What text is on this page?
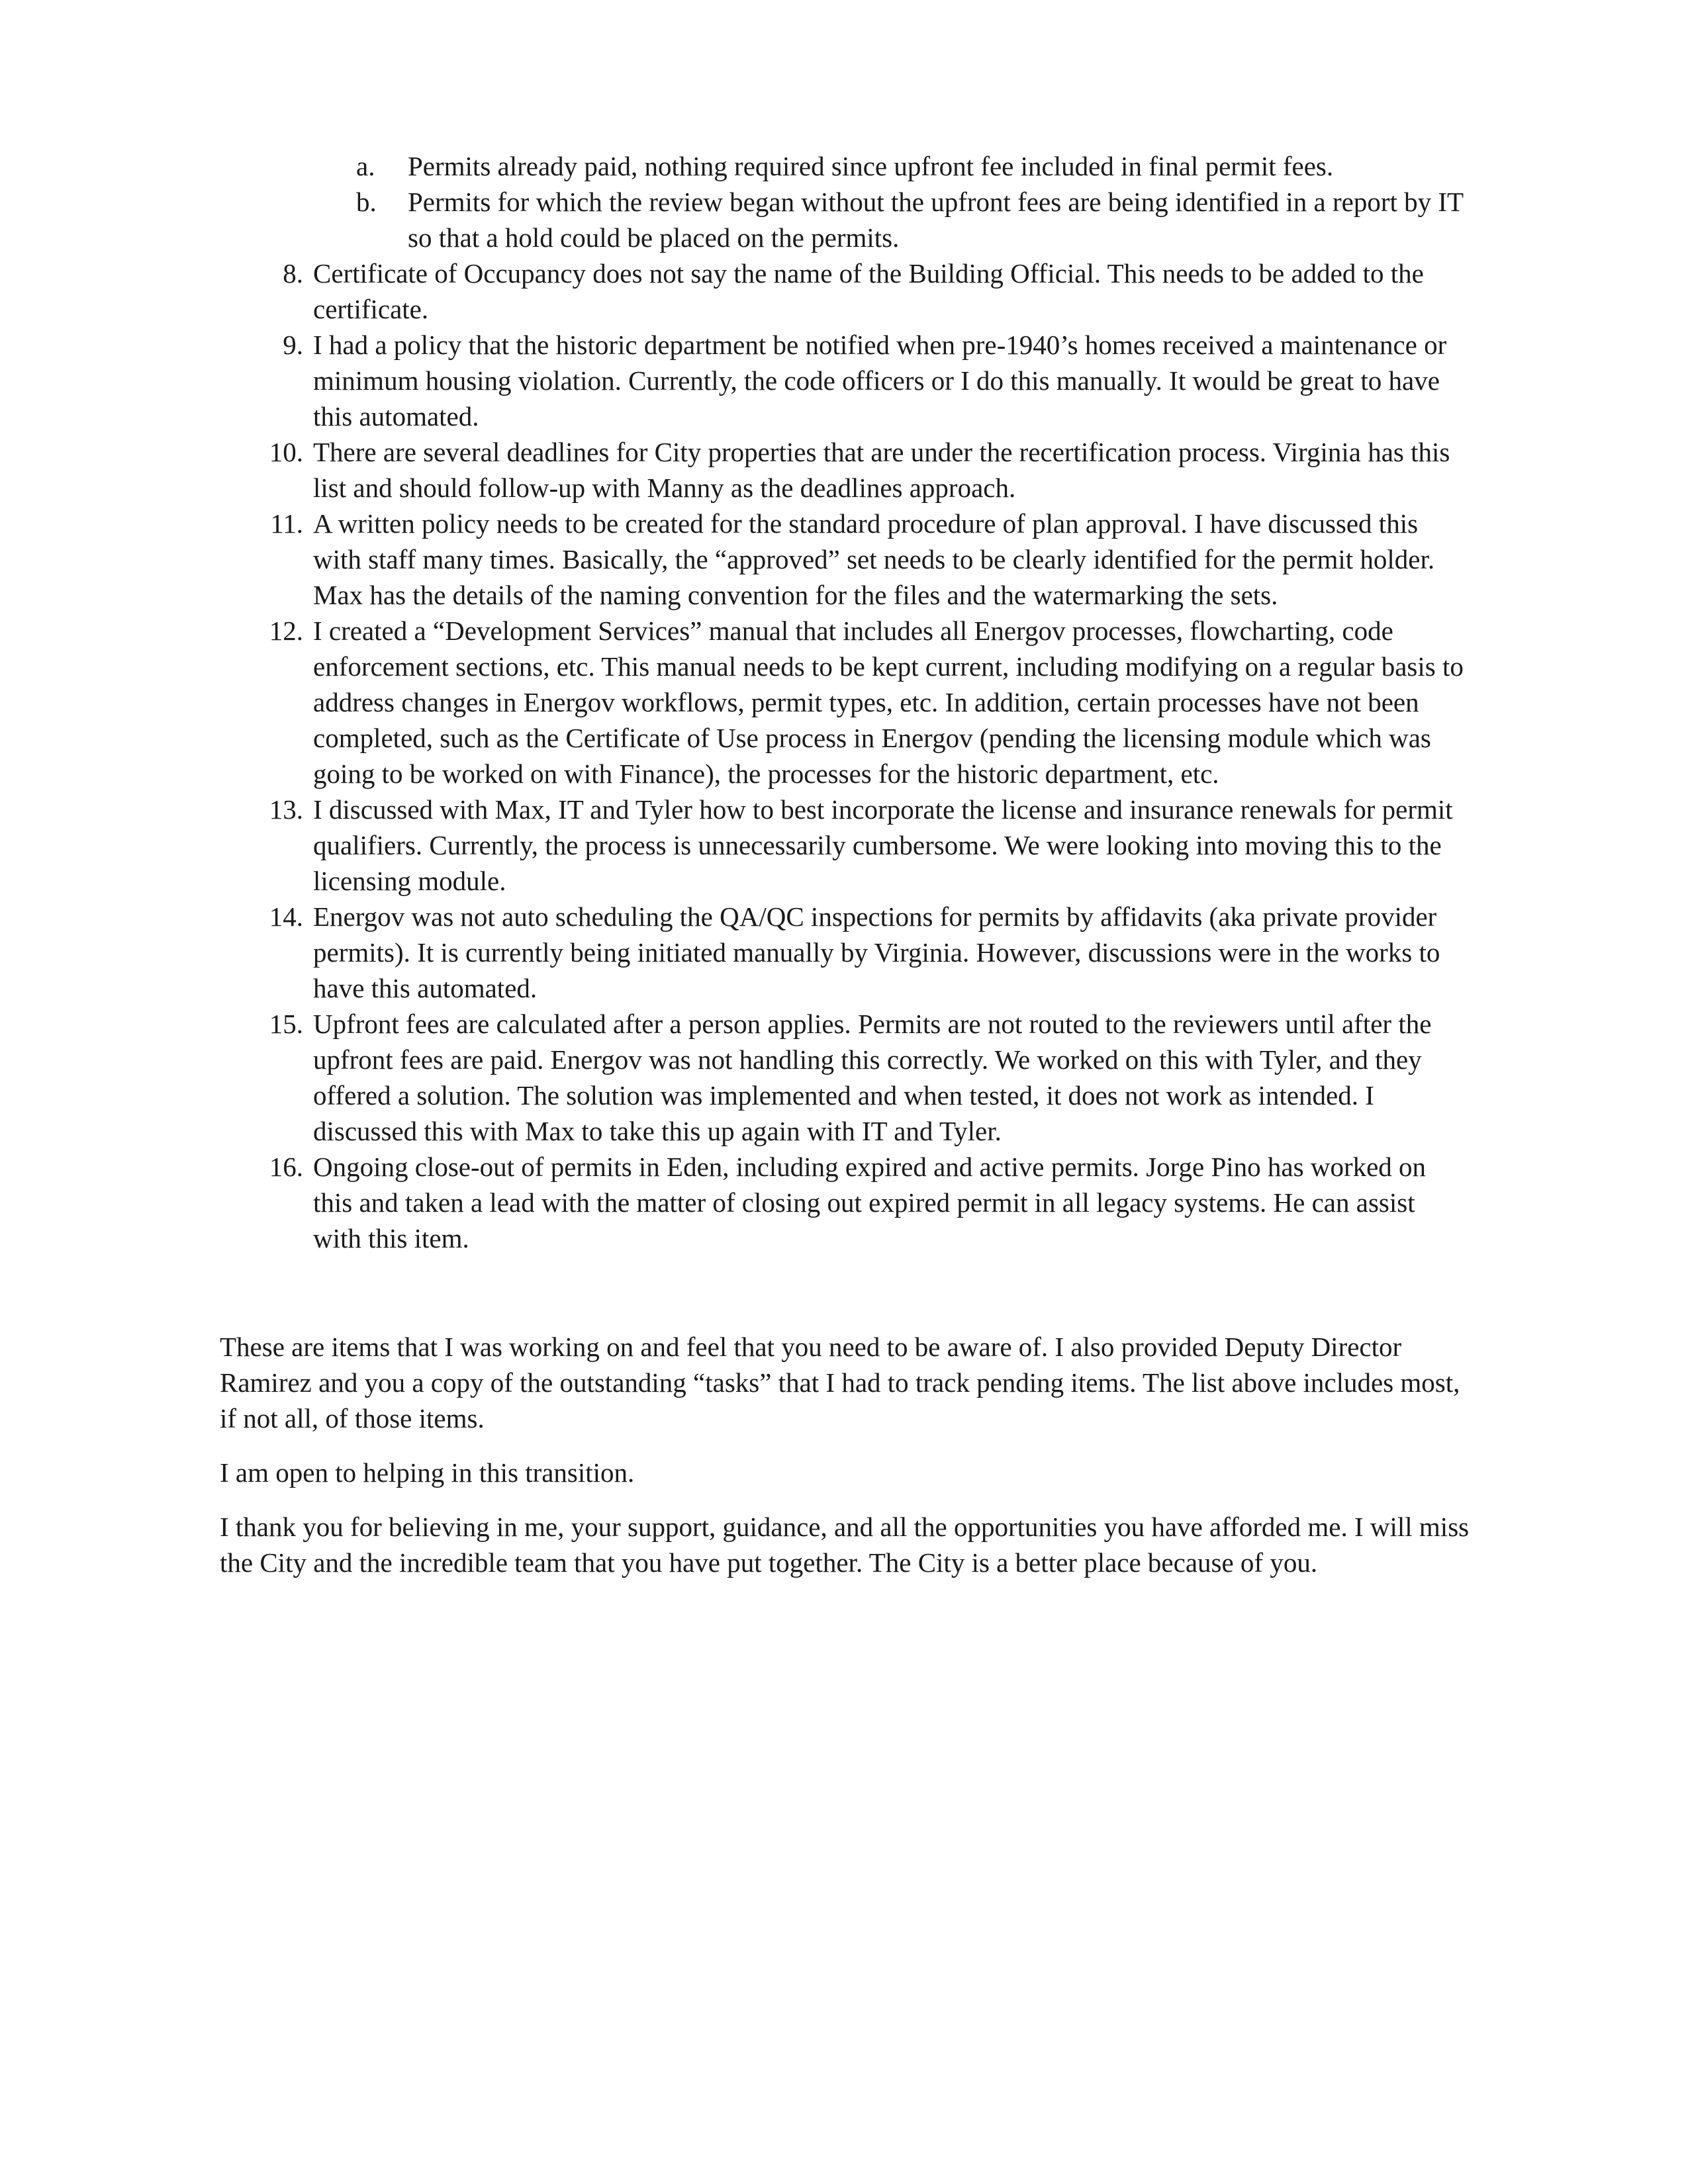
a. Permits already paid, nothing required since upfront fee included in final permit fees.
b. Permits for which the review began without the upfront fees are being identified in a report by IT so that a hold could be placed on the permits.
8. Certificate of Occupancy does not say the name of the Building Official. This needs to be added to the certificate.
9. I had a policy that the historic department be notified when pre-1940’s homes received a maintenance or minimum housing violation. Currently, the code officers or I do this manually. It would be great to have this automated.
10. There are several deadlines for City properties that are under the recertification process. Virginia has this list and should follow-up with Manny as the deadlines approach.
11. A written policy needs to be created for the standard procedure of plan approval. I have discussed this with staff many times. Basically, the “approved” set needs to be clearly identified for the permit holder. Max has the details of the naming convention for the files and the watermarking the sets.
12. I created a “Development Services” manual that includes all Energov processes, flowcharting, code enforcement sections, etc. This manual needs to be kept current, including modifying on a regular basis to address changes in Energov workflows, permit types, etc. In addition, certain processes have not been completed, such as the Certificate of Use process in Energov (pending the licensing module which was going to be worked on with Finance), the processes for the historic department, etc.
13. I discussed with Max, IT and Tyler how to best incorporate the license and insurance renewals for permit qualifiers. Currently, the process is unnecessarily cumbersome. We were looking into moving this to the licensing module.
14. Energov was not auto scheduling the QA/QC inspections for permits by affidavits (aka private provider permits). It is currently being initiated manually by Virginia. However, discussions were in the works to have this automated.
15. Upfront fees are calculated after a person applies. Permits are not routed to the reviewers until after the upfront fees are paid. Energov was not handling this correctly. We worked on this with Tyler, and they offered a solution. The solution was implemented and when tested, it does not work as intended. I discussed this with Max to take this up again with IT and Tyler.
16. Ongoing close-out of permits in Eden, including expired and active permits. Jorge Pino has worked on this and taken a lead with the matter of closing out expired permit in all legacy systems. He can assist with this item.

These are items that I was working on and feel that you need to be aware of. I also provided Deputy Director Ramirez and you a copy of the outstanding “tasks” that I had to track pending items. The list above includes most, if not all, of those items.

I am open to helping in this transition.

I thank you for believing in me, your support, guidance, and all the opportunities you have afforded me. I will miss the City and the incredible team that you have put together. The City is a better place because of you.
